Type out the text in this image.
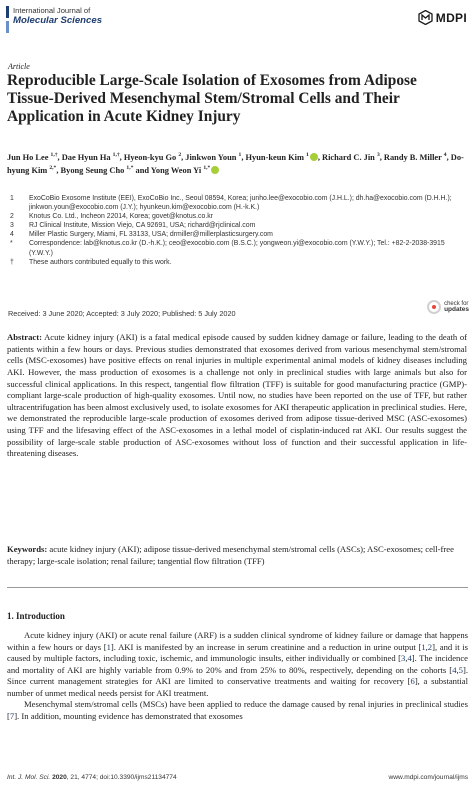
International Journal of
Molecular Sciences	MDPI
Article
Reproducible Large-Scale Isolation of Exosomes from Adipose Tissue-Derived Mesenchymal Stem/Stromal Cells and Their Application in Acute Kidney Injury
Jun Ho Lee $^{1,\dagger}$, Dae Hyun Ha $^{1,\dagger}$, Hyeon-kyu Go $^2$, Jinkwon Youn $^1$, Hyun-keun Kim $^1$ , Richard C. Jin $^3$, Randy B. Miller $^4$, Do-hyung Kim $^{2,*}$, Byong Seung Cho $^{1,*}$ and Yong Weon Yi $^{1,*}$
1	ExoCoBio Exosome Institute (EEI), ExoCoBio Inc., Seoul 08594, Korea; junho.lee@exocobio.com (J.H.L.); dh.ha@exocobio.com (D.H.H.); jinkwon.youn@exocobio.com (J.Y.); hyunkeun.kim@exocobio.com (H.-k.K.)
2	Knotus Co. Ltd., Incheon 22014, Korea; govet@knotus.co.kr
3	RJ Clinical Institute, Mission Viejo, CA 92691, USA; richard@rjclinical.com
4	Miller Plastic Surgery, Miami, FL 33133, USA; drmiller@millerplasticsurgery.com
*	Correspondence: lab@knotus.co.kr (D.-h.K.); ceo@exocobio.com (B.S.C.); yongweon.yi@exocobio.com (Y.W.Y.); Tel.: +82-2-2038-3915 (Y.W.Y.)
†	These authors contributed equally to this work.
Received: 3 June 2020; Accepted: 3 July 2020; Published: 5 July 2020
check for
updates
Abstract: Acute kidney injury (AKI) is a fatal medical episode caused by sudden kidney damage or failure, leading to the death of patients within a few hours or days. Previous studies demonstrated that exosomes derived from various mesenchymal stem/stromal cells (MSC-exosomes) have positive effects on renal injuries in multiple experimental animal models of kidney diseases including AKI. However, the mass production of exosomes is a challenge not only in preclinical studies with large animals but also for successful clinical applications. In this respect, tangential flow filtration (TFF) is suitable for good manufacturing practice (GMP)-compliant large-scale production of high-quality exosomes. Until now, no studies have been reported on the use of TFF, but rather ultracentrifugation has been almost exclusively used, to isolate exosomes for AKI therapeutic application in preclinical studies. Here, we demonstrated the reproducible large-scale production of exosomes derived from adipose tissue-derived MSC (ASC-exosomes) using TFF and the lifesaving effect of the ASC-exosomes in a lethal model of cisplatin-induced rat AKI. Our results suggest the possibility of large-scale stable production of ASC-exosomes without loss of function and their successful application in life-threatening diseases.
Keywords: acute kidney injury (AKI); adipose tissue-derived mesenchymal stem/stromal cells (ASCs); ASC-exosomes; cell-free therapy; large-scale isolation; renal failure; tangential flow filtration (TFF)
1. Introduction

Acute kidney injury (AKI) or acute renal failure (ARF) is a sudden clinical syndrome of kidney failure or damage that happens within a few hours or days [1]. AKI is manifested by an increase in serum creatinine and a reduction in urine output [1,2], and it is caused by multiple factors, including toxic, ischemic, and immunologic insults, either individually or combined [3,4]. The incidence and mortality of AKI are highly variable from 0.9% to 20% and from 25% to 80%, respectively, depending on the cohorts [4,5]. Since current management strategies for AKI are limited to conservative treatments and waiting for recovery [6], a substantial number of unmet medical needs persist for AKI treatment.

Mesenchymal stem/stromal cells (MSCs) have been applied to reduce the damage caused by renal injuries in preclinical studies [7]. In addition, mounting evidence has demonstrated that exosomes

Int. J. Mol. Sci. 2020, 21, 4774; doi:10.3390/ijms21134774	www.mdpi.com/journal/ijms
